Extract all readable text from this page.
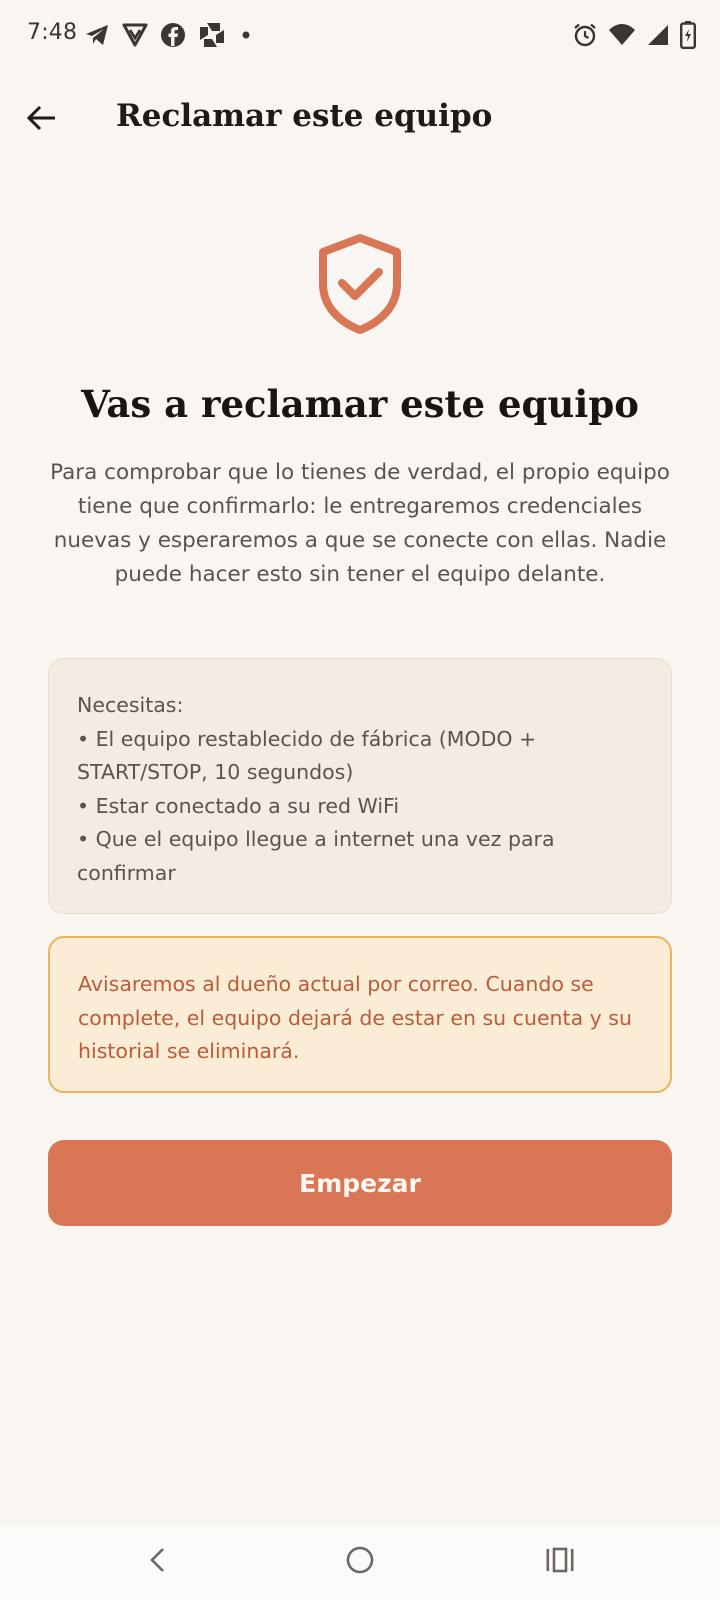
7:48
Reclamar este equipo
Vas a reclamar este equipo
Para comprobar que lo tienes de verdad, el propio equipo tiene que confirmarlo: le entregaremos credenciales nuevas y esperaremos a que se conecte con ellas. Nadie puede hacer esto sin tener el equipo delante.
Necesitas:
• El equipo restablecido de fábrica (MODO + START/STOP, 10 segundos)
• Estar conectado a su red WiFi
• Que el equipo llegue a internet una vez para confirmar
Avisaremos al dueño actual por correo. Cuando se complete, el equipo dejará de estar en su cuenta y su historial se eliminará.
Empezar
